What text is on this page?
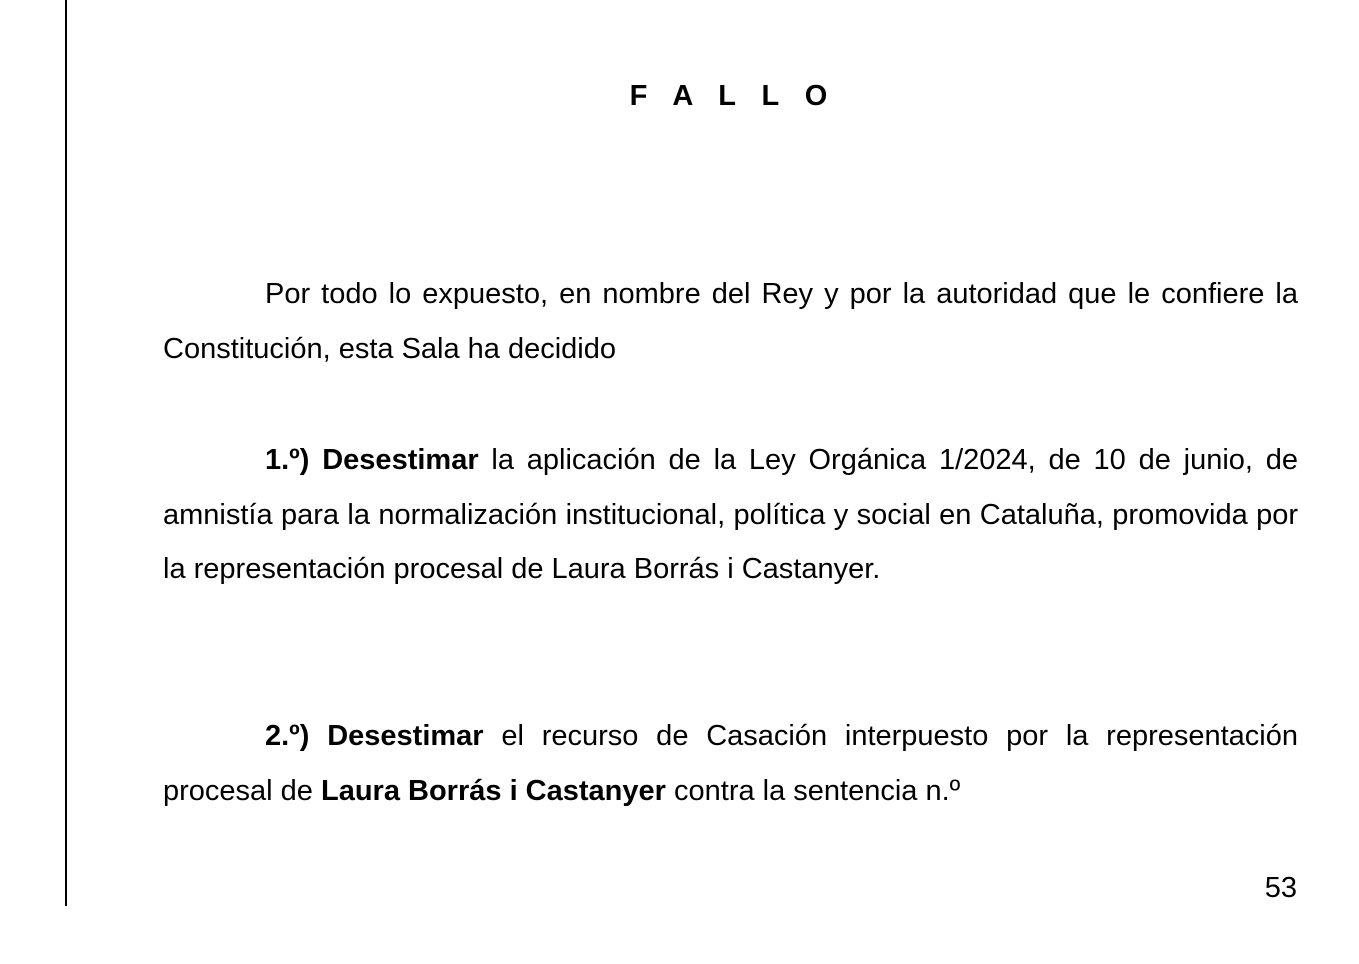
F A L L O

Por todo lo expuesto, en nombre del Rey y por la autoridad que le confiere la Constitución, esta Sala ha decidido

1.º) Desestimar la aplicación de la Ley Orgánica 1/2024, de 10 de junio, de amnistía para la normalización institucional, política y social en Cataluña, promovida por la representación procesal de Laura Borrás i Castanyer.

2.º) Desestimar el recurso de Casación interpuesto por la representación procesal de Laura Borrás i Castanyer contra la sentencia n.º

53
